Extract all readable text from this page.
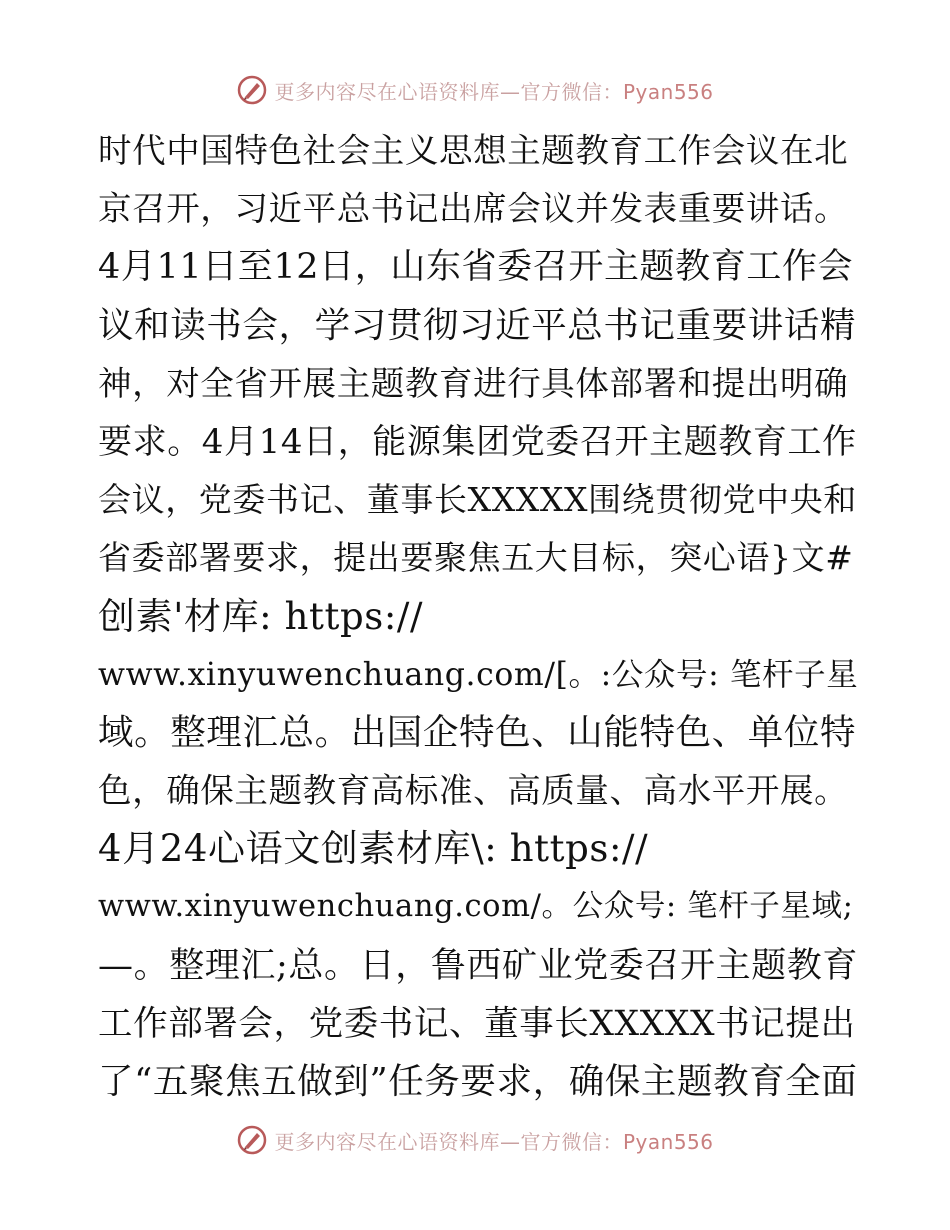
更多内容尽在心语资料库—官方微信：Pyan556
时代中国特色社会主义思想主题教育工作会议在北
京召开，习近平总书记出席会议并发表重要讲话。
4月11日至12日，山东省委召开主题教育工作会
议和读书会，学习贯彻习近平总书记重要讲话精
神，对全省开展主题教育进行具体部署和提出明确
要求。4月14日，能源集团党委召开主题教育工作
会议，党委书记、董事长XXXXX围绕贯彻党中央和
省委部署要求，提出要聚焦五大目标，突心语}文#
创素'材库: https://
www.xinyuwenchuang.com/[。:公众号: 笔杆子星
域。整理汇总。出国企特色、山能特色、单位特
色，确保主题教育高标准、高质量、高水平开展。
4月24心语文创素材库\: https://
www.xinyuwenchuang.com/。公众号: 笔杆子星域;
—。整理汇;总。日，鲁西矿业党委召开主题教育
工作部署会，党委书记、董事长XXXXX书记提出
了“五聚焦五做到”任务要求，确保主题教育全面
更多内容尽在心语资料库—官方微信：Pyan556
